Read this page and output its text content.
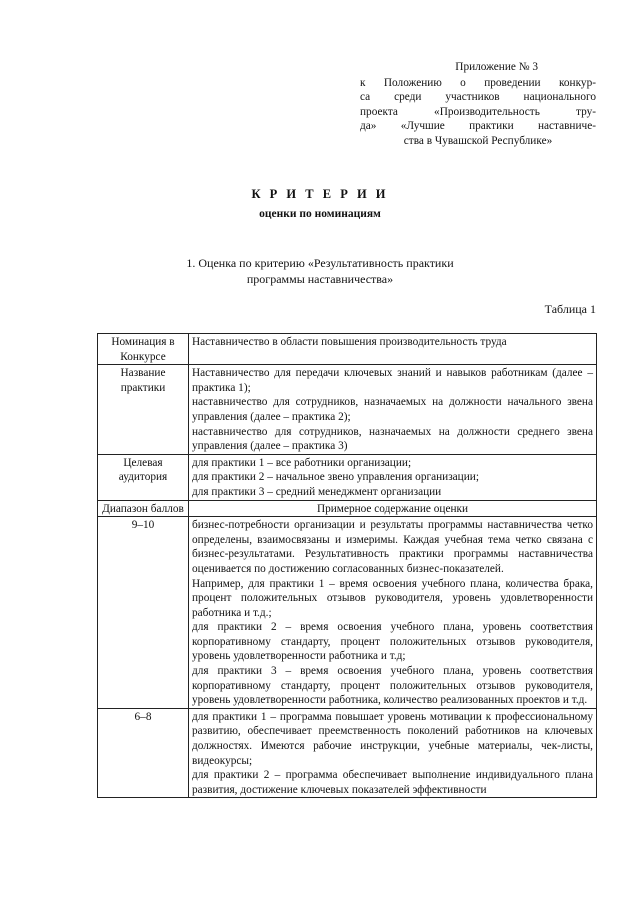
Приложение № 3
к Положению о проведении конкур-
са среди участников национального
проекта «Производительность тру-
да» «Лучшие практики наставниче-
ства в Чувашской Республике»
К Р И Т Е Р И И
оценки по номинациям
1. Оценка по критерию «Результативность практики
программы наставничества»
Таблица 1
Номинация в Конкурсе	Наставничество в области повышения производительность труда
Название практики	Наставничество для передачи ключевых знаний и навыков работникам (далее – практика 1);
наставничество для сотрудников, назначаемых на должности начального звена управления (далее – практика 2);
наставничество для сотрудников, назначаемых на должности среднего звена управления (далее – практика 3)

Целевая аудитория	для практики 1 – все работники организации;
для практики 2 – начальное звено управления организации;
для практики 3 – средний менеджмент организации

Диапазон баллов	Примерное содержание оценки
9–10	бизнес-потребности организации и результаты программы наставничества четко определены, взаимосвязаны и измеримы. Каждая учебная тема четко связана с бизнес-результатами. Результативность практики программы наставничества оценивается по достижению согласованных бизнес-показателей.
Например, для практики 1 – время освоения учебного плана, количества брака, процент положительных отзывов руководителя, уровень удовлетворенности работника и т.д.;
для практики 2 – время освоения учебного плана, уровень соответствия корпоративному стандарту, процент положительных отзывов руководителя, уровень удовлетворенности работника и т.д;
для практики 3 – время освоения учебного плана, уровень соответствия корпоративному стандарту, процент положительных отзывов руководителя, уровень удовлетворенности работника, количество реализованных проектов и т.д.

6–8	для практики 1 – программа повышает уровень мотивации к профессиональному развитию, обеспечивает преемственность поколений работников на ключевых должностях. Имеются рабочие инструкции, учебные материалы, чек-листы, видеокурсы;
для практики 2 – программа обеспечивает выполнение индивидуального плана развития, достижение ключевых показателей эффективности
